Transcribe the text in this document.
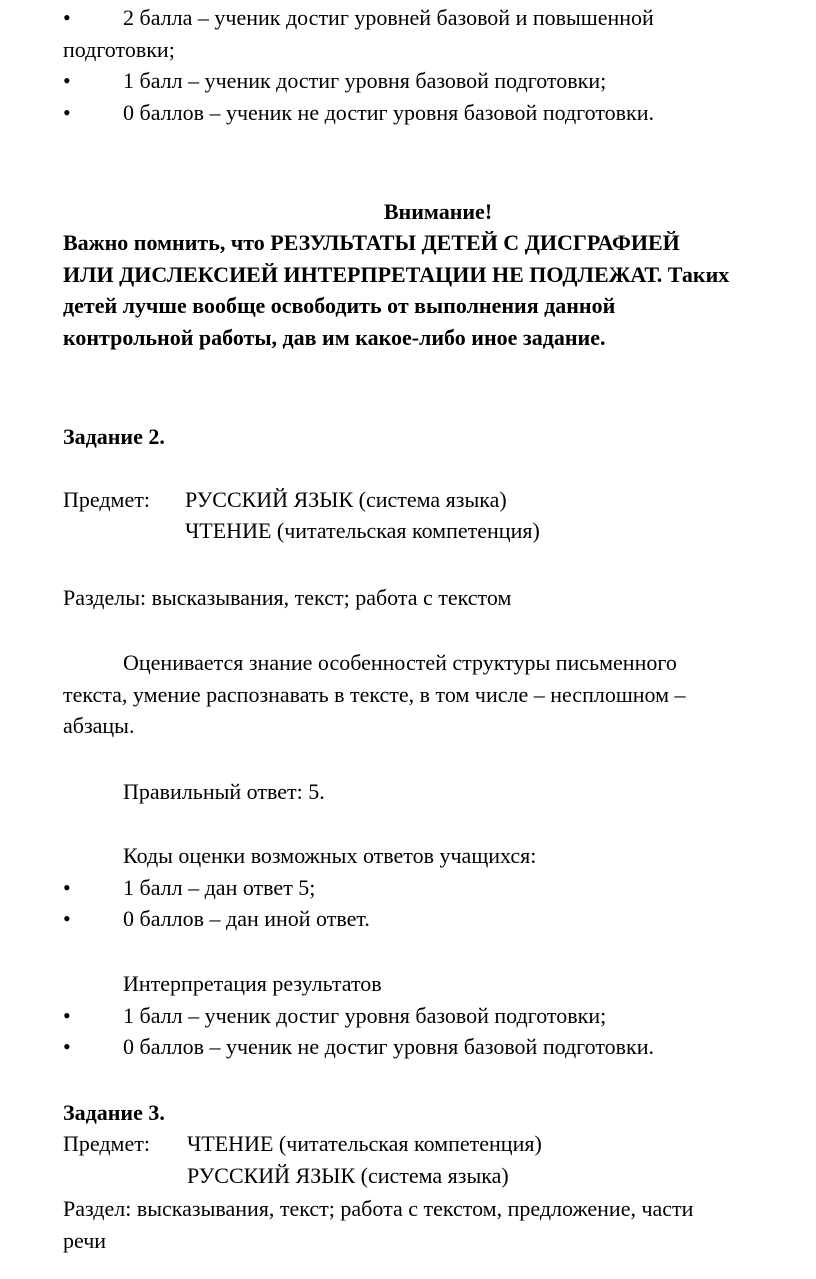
• 2 балла – ученик достиг уровней базовой и повышенной
подготовки;
• 1 балл – ученик достиг уровня базовой подготовки;
• 0 баллов – ученик не достиг уровня базовой подготовки.
Внимание!
Важно помнить, что РЕЗУЛЬТАТЫ ДЕТЕЙ С ДИСГРАФИЕЙ
ИЛИ ДИСЛЕКСИЕЙ ИНТЕРПРЕТАЦИИ НЕ ПОДЛЕЖАТ. Таких
детей лучше вообще освободить от выполнения данной
контрольной работы, дав им какое-либо иное задание.
Задание 2.
Предмет: РУССКИЙ ЯЗЫК (система языка)
ЧТЕНИЕ (читательская компетенция)
Разделы: высказывания, текст; работа с текстом
Оценивается знание особенностей структуры письменного
текста, умение распознавать в тексте, в том числе – несплошном –
абзацы.
Правильный ответ: 5.
Коды оценки возможных ответов учащихся:
• 1 балл – дан ответ 5;
• 0 баллов – дан иной ответ.
Интерпретация результатов
• 1 балл – ученик достиг уровня базовой подготовки;
• 0 баллов – ученик не достиг уровня базовой подготовки.
Задание 3.
Предмет: ЧТЕНИЕ (читательская компетенция)
РУССКИЙ ЯЗЫК (система языка)
Раздел: высказывания, текст; работа с текстом, предложение, части
речи
